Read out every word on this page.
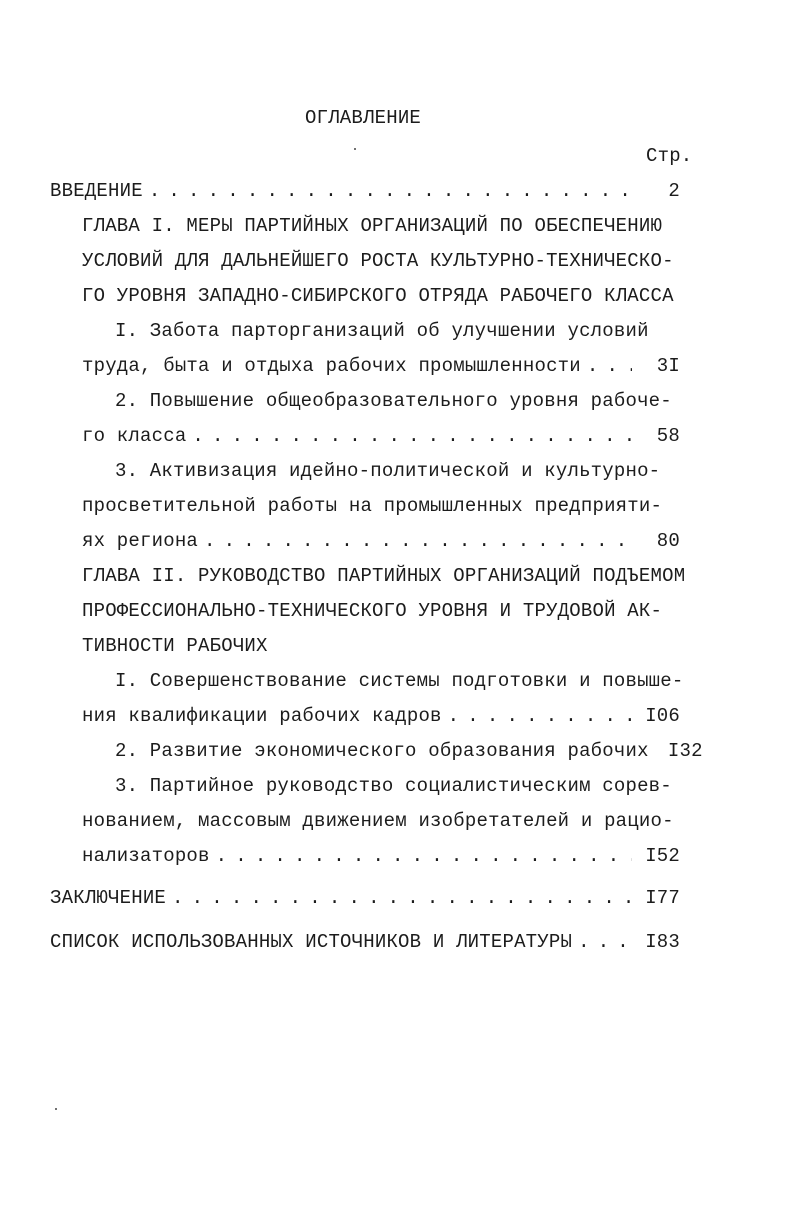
ОГЛАВЛЕНИЕ
Стр.
ВВЕДЕНИЕ . . .	2
ГЛАВА I. МЕРЫ ПАРТИЙНЫХ ОРГАНИЗАЦИЙ ПО ОБЕСПЕЧЕНИЮ
УСЛОВИЙ ДЛЯ ДАЛЬНЕЙШЕГО РОСТА КУЛЬТУРНО-ТЕХНИЧЕСКО-
ГО УРОВНЯ ЗАПАДНО-СИБИРСКОГО ОТРЯДА РАБОЧЕГО КЛАССА
I. Забота парторганизаций об улучшении условий
труда, быта и отдыха рабочих промышленности . . .	3I
2. Повышение общеобразовательного уровня рабоче-
го класса . . .	58
3. Активизация идейно-политической и культурно-
просветительной работы на промышленных предприяти-
ях региона . . .	80
ГЛАВА II. РУКОВОДСТВО ПАРТИЙНЫХ ОРГАНИЗАЦИЙ ПОДЪЕМОМ
ПРОФЕССИОНАЛЬНО-ТЕХНИЧЕСКОГО УРОВНЯ И ТРУДОВОЙ АК-
ТИВНОСТИ РАБОЧИХ
I. Совершенствование системы подготовки и повыше-
ния квалификации рабочих кадров . . .	I06
2. Развитие экономического образования рабочих	I32
3. Партийное руководство социалистическим сорев-
нованием, массовым движением изобретателей и рацио-
нализаторов . . .	I52
ЗАКЛЮЧЕНИЕ . . .	I77
СПИСОК ИСПОЛЬЗОВАННЫХ ИСТОЧНИКОВ И ЛИТЕРАТУРЫ . . .	I83
